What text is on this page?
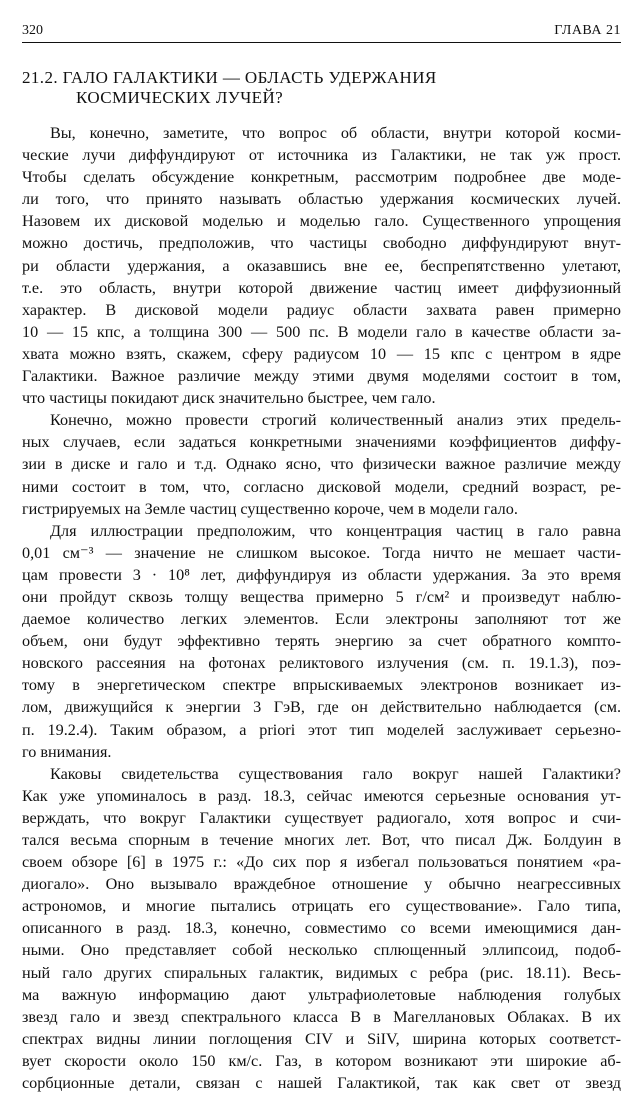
320	ГЛАВА 21
21.2. ГАЛО ГАЛАКТИКИ — ОБЛАСТЬ УДЕРЖАНИЯ
КОСМИЧЕСКИХ ЛУЧЕЙ?
Вы, конечно, заметите, что вопрос об области, внутри которой косми-
ческие лучи диффундируют от источника из Галактики, не так уж прост.
Чтобы сделать обсуждение конкретным, рассмотрим подробнее две моде-
ли того, что принято называть областью удержания космических лучей.
Назовем их дисковой моделью и моделью гало. Существенного упрощения
можно достичь, предположив, что частицы свободно диффундируют внут-
ри области удержания, а оказавшись вне ее, беспрепятственно улетают,
т.е. это область, внутри которой движение частиц имеет диффузионный
характер. В дисковой модели радиус области захвата равен примерно
10 — 15 кпс, а толщина 300 — 500 пс. В модели гало в качестве области за-
хвата можно взять, скажем, сферу радиусом 10 — 15 кпс с центром в ядре
Галактики. Важное различие между этими двумя моделями состоит в том,
что частицы покидают диск значительно быстрее, чем гало.
Конечно, можно провести строгий количественный анализ этих предель-
ных случаев, если задаться конкретными значениями коэффициентов диффу-
зии в диске и гало и т.д. Однако ясно, что физически важное различие между
ними состоит в том, что, согласно дисковой модели, средний возраст, ре-
гистрируемых на Земле частиц существенно короче, чем в модели гало.
Для иллюстрации предположим, что концентрация частиц в гало равна
0,01 см⁻³ — значение не слишком высокое. Тогда ничто не мешает части-
цам провести 3 · 10⁸ лет, диффундируя из области удержания. За это время
они пройдут сквозь толщу вещества примерно 5 г/см² и произведут наблю-
даемое количество легких элементов. Если электроны заполняют тот же
объем, они будут эффективно терять энергию за счет обратного компто-
новского рассеяния на фотонах реликтового излучения (см. п. 19.1.3), поэ-
тому в энергетическом спектре впрыскиваемых электронов возникает из-
лом, движущийся к энергии 3 ГэВ, где он действительно наблюдается (см.
п. 19.2.4). Таким образом, a priori этот тип моделей заслуживает серьезно-
го внимания.
Каковы свидетельства существования гало вокруг нашей Галактики?
Как уже упоминалось в разд. 18.3, сейчас имеются серьезные основания ут-
верждать, что вокруг Галактики существует радиогало, хотя вопрос и счи-
тался весьма спорным в течение многих лет. Вот, что писал Дж. Болдуин в
своем обзоре [6] в 1975 г.: «До сих пор я избегал пользоваться понятием «ра-
диогало». Оно вызывало враждебное отношение у обычно неагрессивных
астрономов, и многие пытались отрицать его существование». Гало типа,
описанного в разд. 18.3, конечно, совместимо со всеми имеющимися дан-
ными. Оно представляет собой несколько сплющенный эллипсоид, подоб-
ный гало других спиральных галактик, видимых с ребра (рис. 18.11). Весь-
ма важную информацию дают ультрафиолетовые наблюдения голубых
звезд гало и звезд спектрального класса B в Магеллановых Облаках. В их
спектрах видны линии поглощения CIV и SiIV, ширина которых соответст-
вует скорости около 150 км/с. Газ, в котором возникают эти широкие аб-
сорбционные детали, связан с нашей Галактикой, так как свет от звезд
